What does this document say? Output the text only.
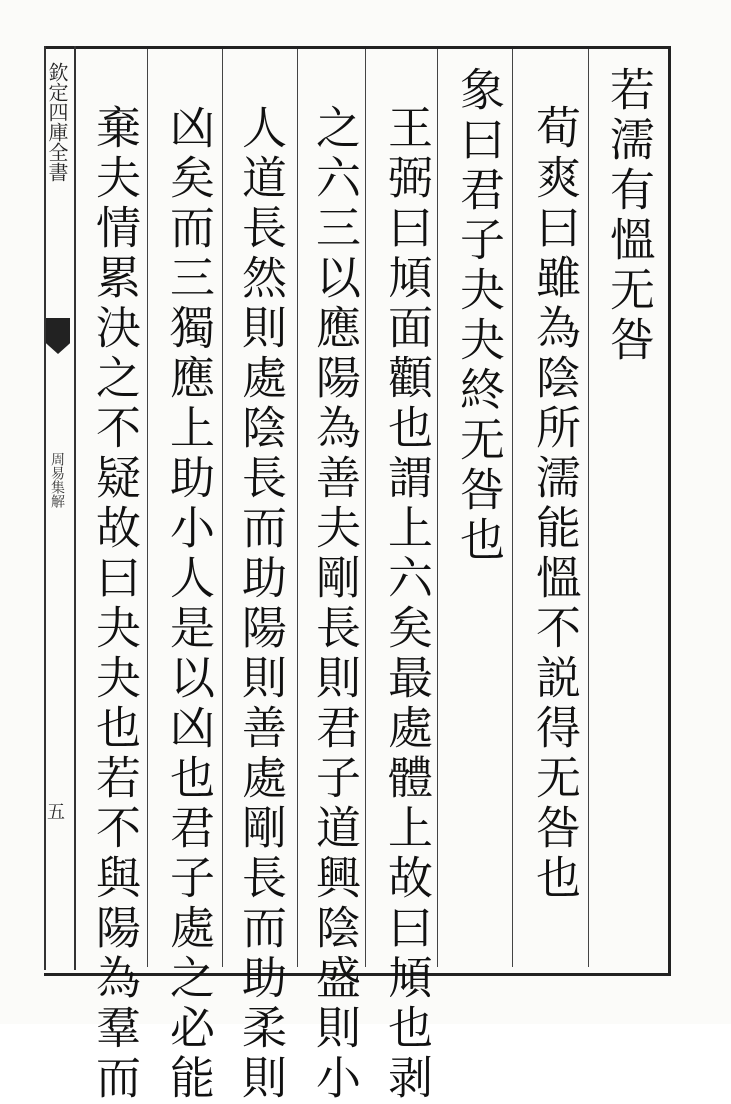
欽定四庫全書
周易集解
五
若濡有慍无咎
荀爽曰雖為陰所濡能慍不説得无咎也
象曰君子夬夬終无咎也
王弼曰頄面顴也謂上六矣最處體上故曰頄也剥
之六三以應陽為善夫剛長則君子道興陰盛則小
人道長然則處陰長而助陽則善處剛長而助柔則
凶矣而三獨應上助小人是以凶也君子處之必能
棄夫情累決之不疑故曰夬夬也若不與陽為羣而
